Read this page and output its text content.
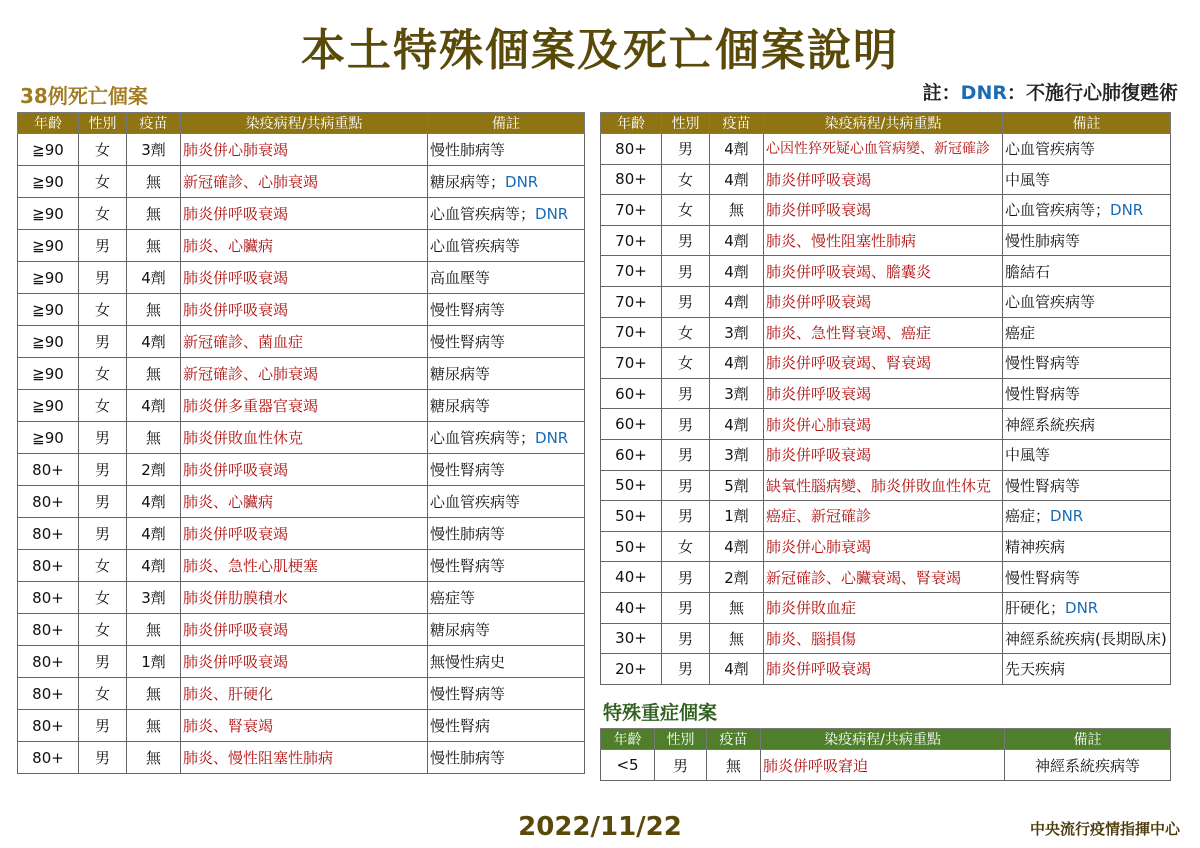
本土特殊個案及死亡個案說明
38例死亡個案	註：DNR：不施行心肺復甦術
年齡	性別	疫苗	染疫病程/共病重點	備註
≧90	女	3劑	肺炎併心肺衰竭	慢性肺病等
≧90	女	無	新冠確診、心肺衰竭	糖尿病等；DNR
≧90	女	無	肺炎併呼吸衰竭	心血管疾病等；DNR
≧90	男	無	肺炎、心臟病	心血管疾病等
≧90	男	4劑	肺炎併呼吸衰竭	高血壓等
≧90	女	無	肺炎併呼吸衰竭	慢性腎病等
≧90	男	4劑	新冠確診、菌血症	慢性腎病等
≧90	女	無	新冠確診、心肺衰竭	糖尿病等
≧90	女	4劑	肺炎併多重器官衰竭	糖尿病等
≧90	男	無	肺炎併敗血性休克	心血管疾病等；DNR
80+	男	2劑	肺炎併呼吸衰竭	慢性腎病等
80+	男	4劑	肺炎、心臟病	心血管疾病等
80+	男	4劑	肺炎併呼吸衰竭	慢性肺病等
80+	女	4劑	肺炎、急性心肌梗塞	慢性腎病等
80+	女	3劑	肺炎併肋膜積水	癌症等
80+	女	無	肺炎併呼吸衰竭	糖尿病等
80+	男	1劑	肺炎併呼吸衰竭	無慢性病史
80+	女	無	肺炎、肝硬化	慢性腎病等
80+	男	無	肺炎、腎衰竭	慢性腎病
80+	男	無	肺炎、慢性阻塞性肺病	慢性肺病等
年齡	性別	疫苗	染疫病程/共病重點	備註
80+	男	4劑	心因性猝死疑心血管病變、新冠確診	心血管疾病等
80+	女	4劑	肺炎併呼吸衰竭	中風等
70+	女	無	肺炎併呼吸衰竭	心血管疾病等；DNR
70+	男	4劑	肺炎、慢性阻塞性肺病	慢性肺病等
70+	男	4劑	肺炎併呼吸衰竭、膽囊炎	膽結石
70+	男	4劑	肺炎併呼吸衰竭	心血管疾病等
70+	女	3劑	肺炎、急性腎衰竭、癌症	癌症
70+	女	4劑	肺炎併呼吸衰竭、腎衰竭	慢性腎病等
60+	男	3劑	肺炎併呼吸衰竭	慢性腎病等
60+	男	4劑	肺炎併心肺衰竭	神經系統疾病
60+	男	3劑	肺炎併呼吸衰竭	中風等
50+	男	5劑	缺氧性腦病變、肺炎併敗血性休克	慢性腎病等
50+	男	1劑	癌症、新冠確診	癌症；DNR
50+	女	4劑	肺炎併心肺衰竭	精神疾病
40+	男	2劑	新冠確診、心臟衰竭、腎衰竭	慢性腎病等
40+	男	無	肺炎併敗血症	肝硬化；DNR
30+	男	無	肺炎、腦損傷	神經系統疾病(長期臥床)
20+	男	4劑	肺炎併呼吸衰竭	先天疾病
特殊重症個案
年齡	性別	疫苗	染疫病程/共病重點	備註
<5	男	無	肺炎併呼吸窘迫	神經系統疾病等
2022/11/22	中央流行疫情指揮中心
